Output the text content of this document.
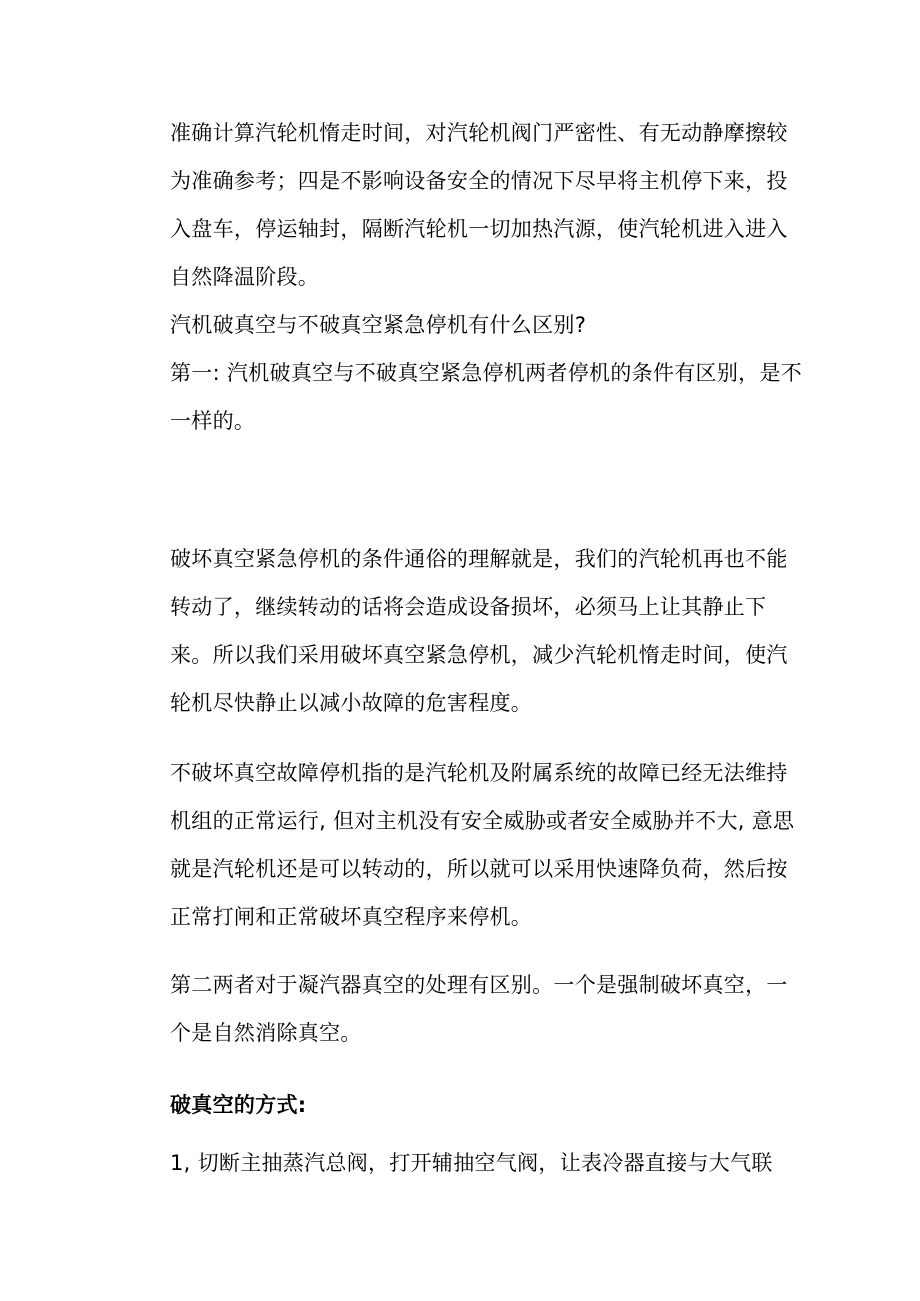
准确计算汽轮机惰走时间，对汽轮机阀门严密性、有无动静摩擦较

为准确参考；四是不影响设备安全的情况下尽早将主机停下来，投

入盘车，停运轴封，隔断汽轮机一切加热汽源，使汽轮机进入进入

自然降温阶段。

汽机破真空与不破真空紧急停机有什么区别?

第一: 汽机破真空与不破真空紧急停机两者停机的条件有区别，是不

一样的。

破坏真空紧急停机的条件通俗的理解就是，我们的汽轮机再也不能

转动了，继续转动的话将会造成设备损坏，必须马上让其静止下

来。所以我们采用破坏真空紧急停机，减少汽轮机惰走时间，使汽

轮机尽快静止以减小故障的危害程度。

不破坏真空故障停机指的是汽轮机及附属系统的故障已经无法维持

机组的正常运行, 但对主机没有安全威胁或者安全威胁并不大, 意思

就是汽轮机还是可以转动的，所以就可以采用快速降负荷，然后按

正常打闸和正常破坏真空程序来停机。

第二两者对于凝汽器真空的处理有区别。一个是强制破坏真空，一

个是自然消除真空。

破真空的方式:

1, 切断主抽蒸汽总阀，打开辅抽空气阀，让表冷器直接与大气联
